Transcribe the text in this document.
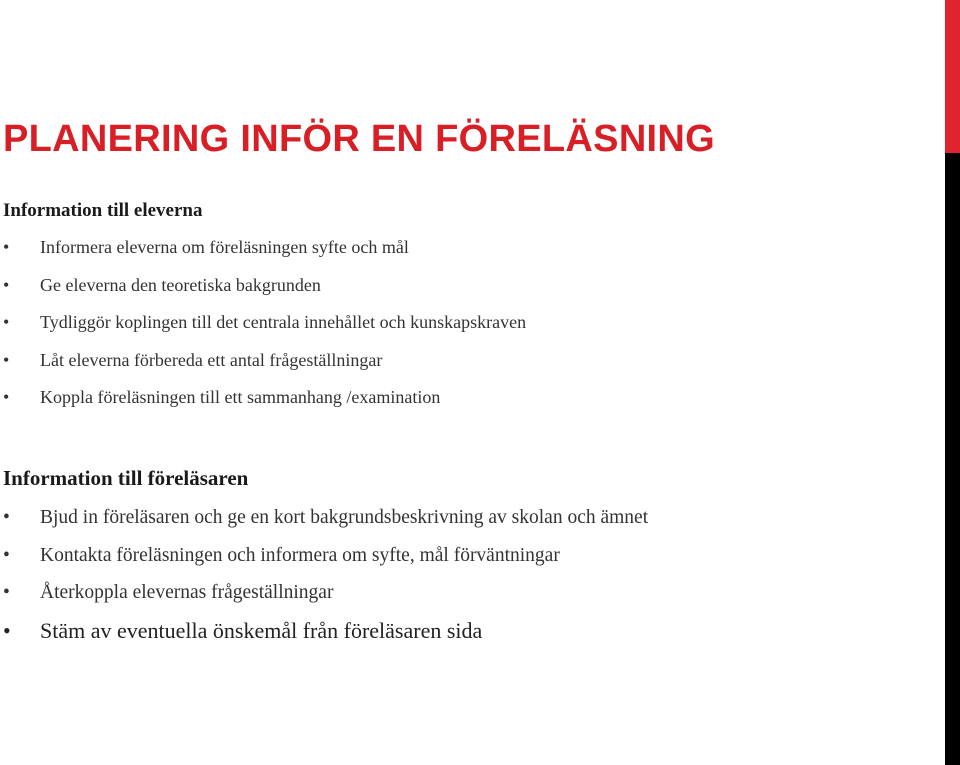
PLANERING INFÖR EN FÖRELÄSNING
Information till eleverna
• Informera eleverna om föreläsningen syfte och mål
• Ge eleverna den teoretiska bakgrunden
• Tydliggör koplingen till det centrala innehållet och kunskapskraven
• Låt eleverna förbereda ett antal frågeställningar
• Koppla föreläsningen till ett sammanhang /examination
Information till föreläsaren
• Bjud in föreläsaren och ge en kort bakgrundsbeskrivning av skolan och ämnet
• Kontakta föreläsningen och informera om syfte, mål förväntningar
• Återkoppla elevernas frågeställningar
• Stäm av eventuella önskemål från föreläsaren sida
